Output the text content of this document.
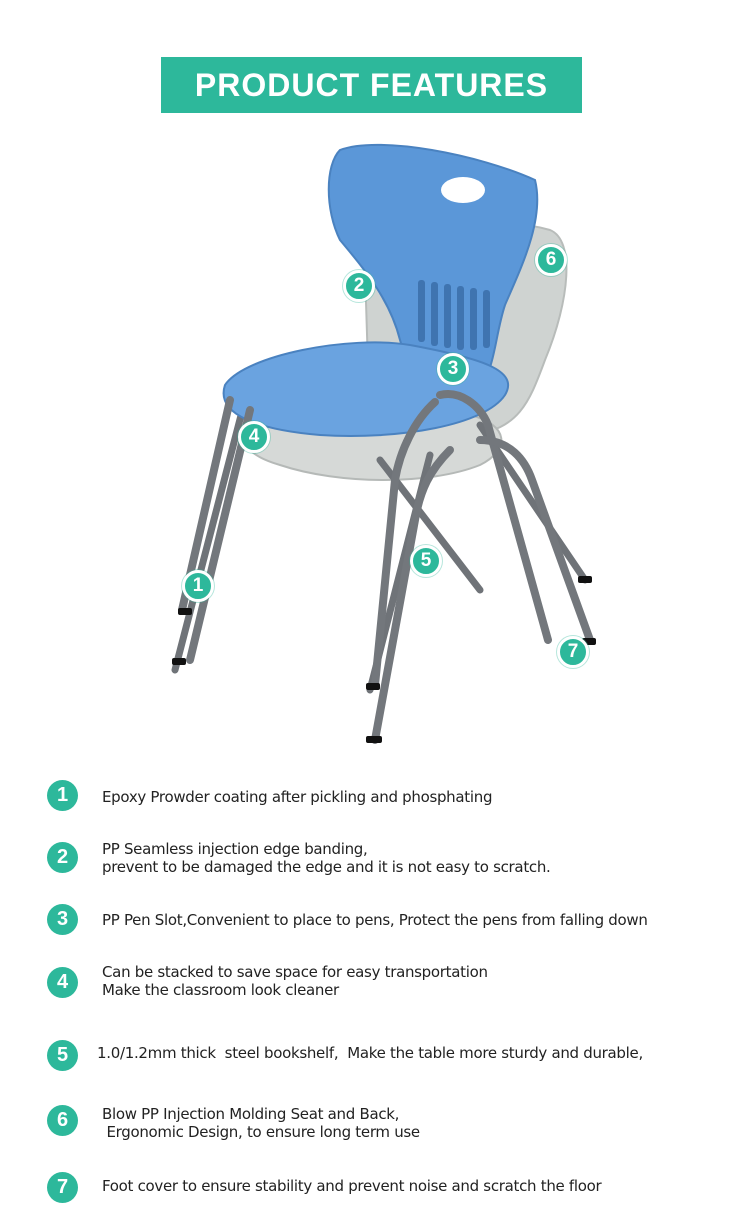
PRODUCT FEATURES
1
2
3
4
5
6
7
1	Epoxy Prowder coating after pickling and phosphating
2	PP Seamless injection edge banding,
prevent to be damaged the edge and it is not easy to scratch.
3	PP Pen Slot,Convenient to place to pens, Protect the pens from falling down
4	Can be stacked to save space for easy transportation
Make the classroom look cleaner
5	1.0/1.2mm thick  steel bookshelf,  Make the table more sturdy and durable,
6	Blow PP Injection Molding Seat and Back,
Ergonomic Design, to ensure long term use
7	Foot cover to ensure stability and prevent noise and scratch the floor
